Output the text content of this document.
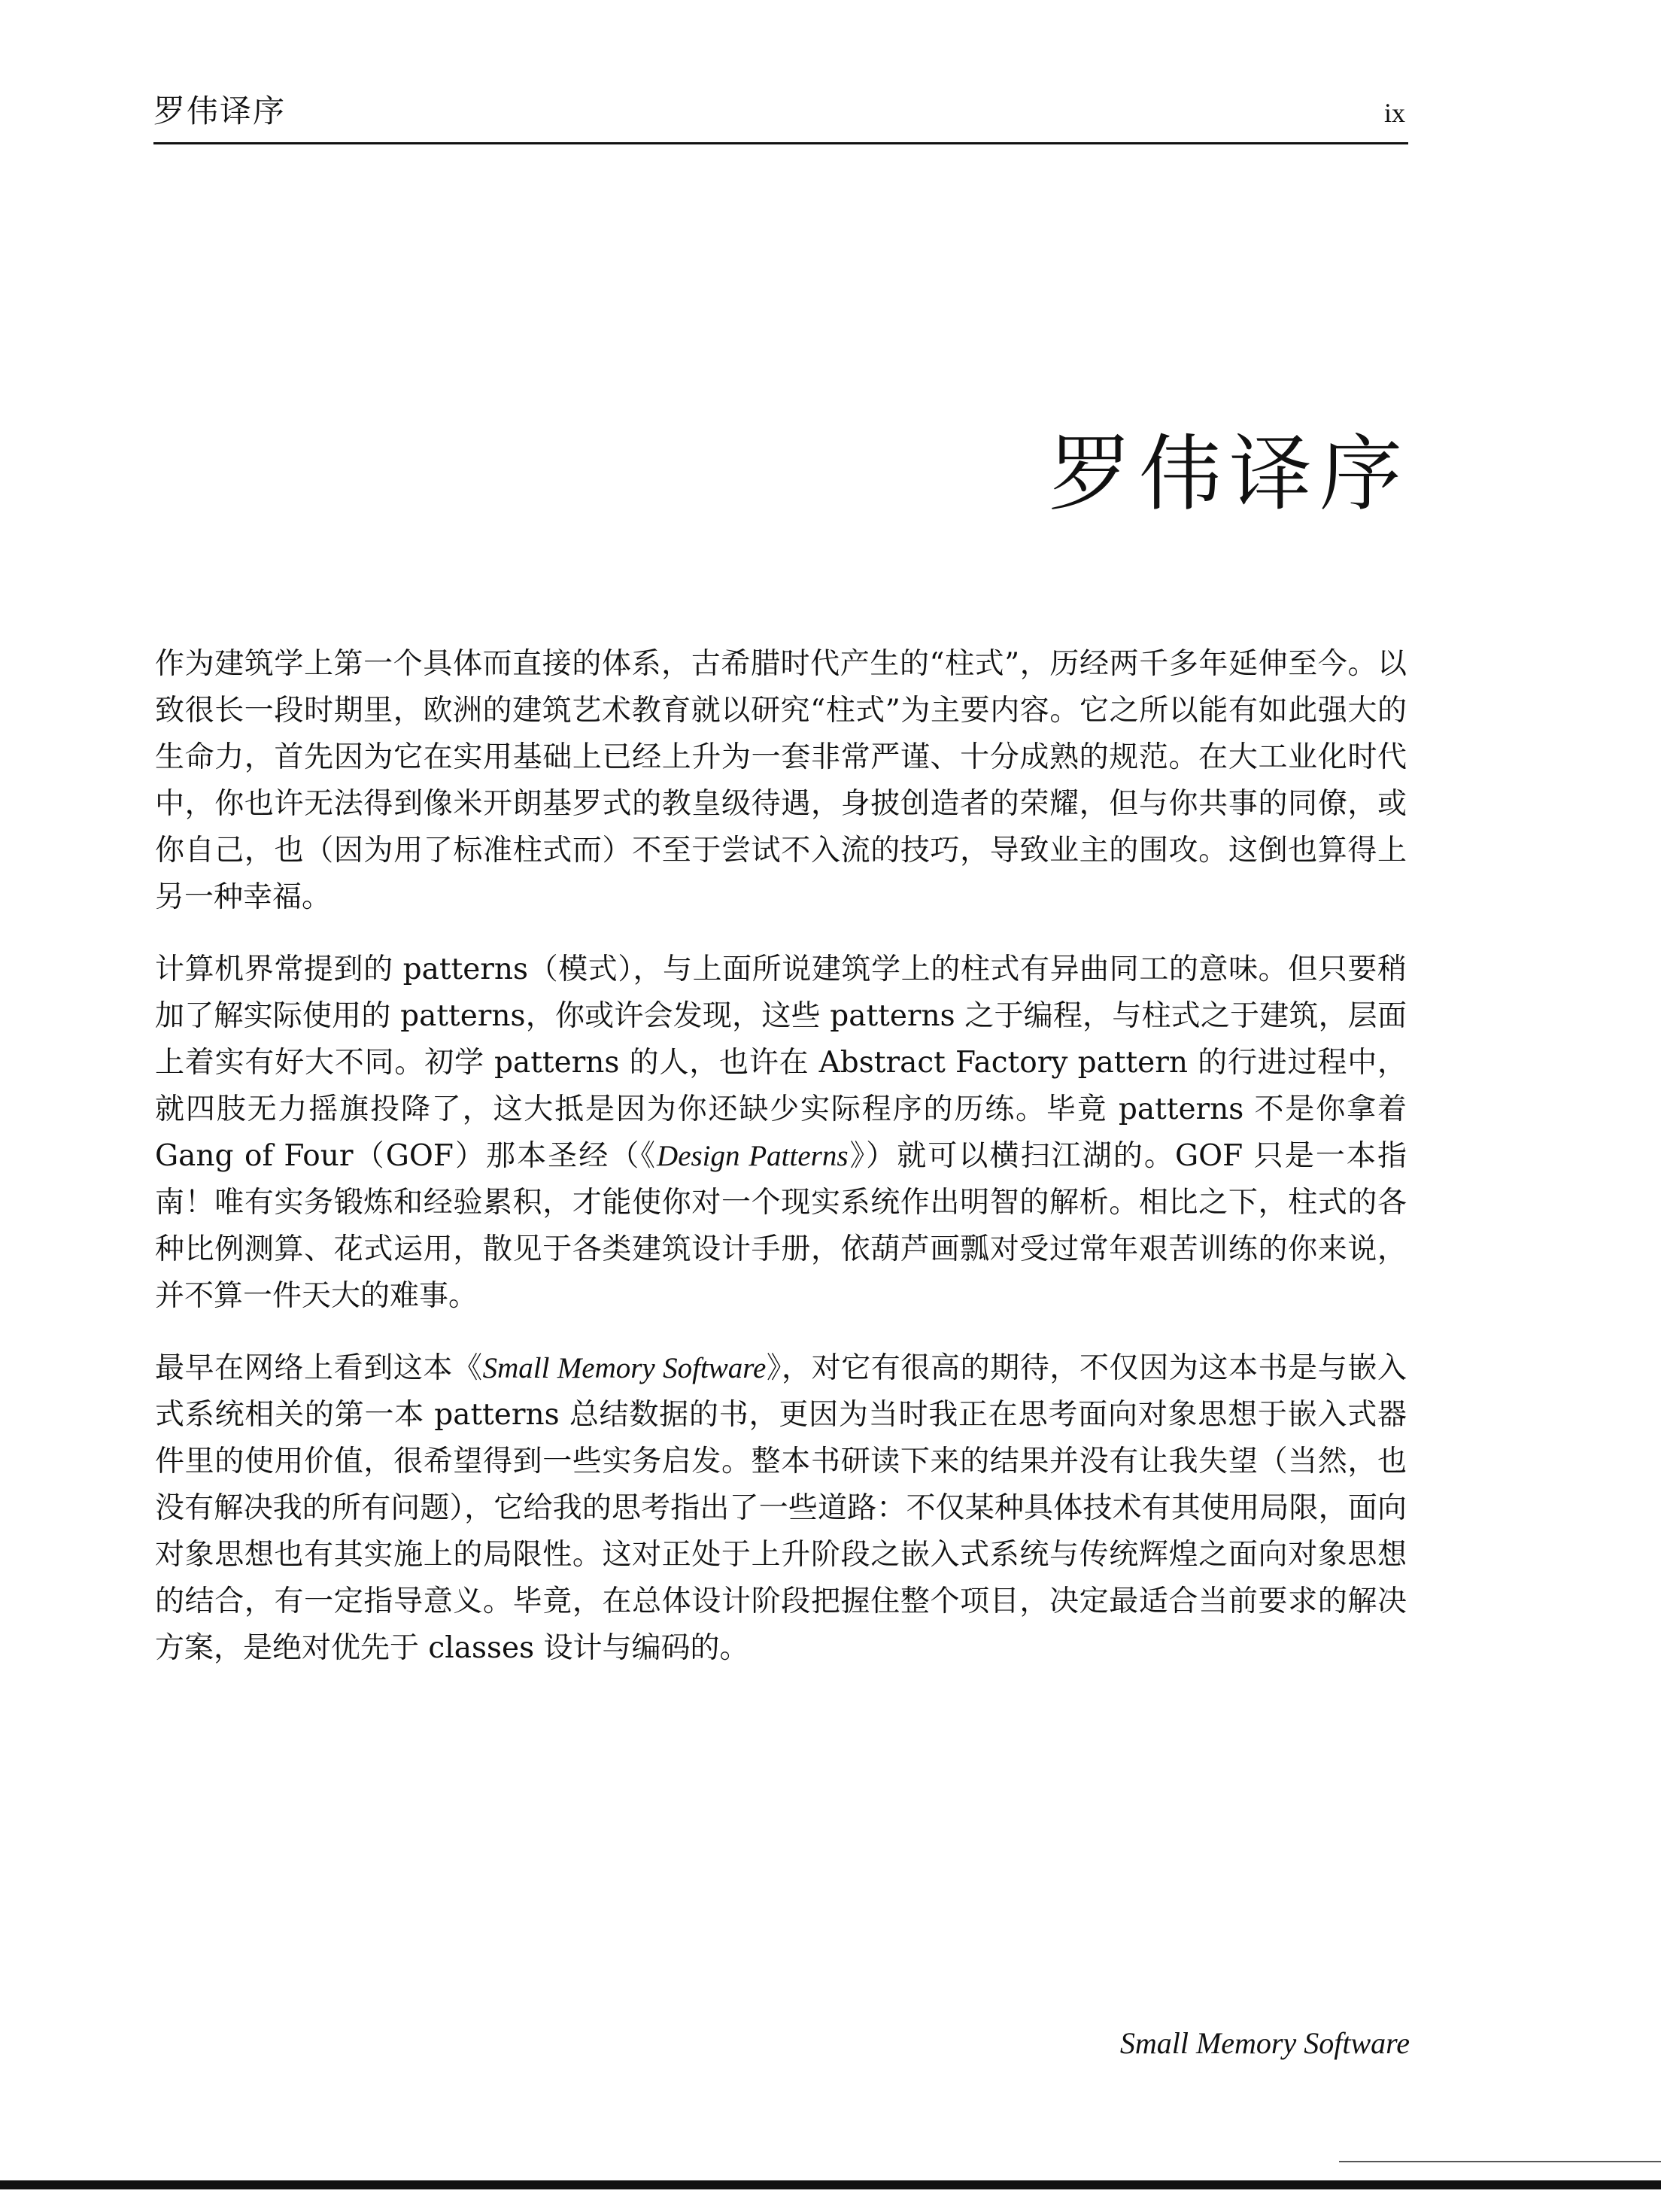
罗伟译序	ix
罗伟译序

作为建筑学上第一个具体而直接的体系，古希腊时代产生的“柱式”，历经两千多年延伸至今。以致很长一段时期里，欧洲的建筑艺术教育就以研究“柱式”为主要内容。它之所以能有如此强大的生命力，首先因为它在实用基础上已经上升为一套非常严谨、十分成熟的规范。在大工业化时代中，你也许无法得到像米开朗基罗式的教皇级待遇，身披创造者的荣耀，但与你共事的同僚，或你自己，也（因为用了标准柱式而）不至于尝试不入流的技巧，导致业主的围攻。这倒也算得上另一种幸福。

计算机界常提到的 patterns（模式），与上面所说建筑学上的柱式有异曲同工的意味。但只要稍加了解实际使用的 patterns，你或许会发现，这些 patterns 之于编程，与柱式之于建筑，层面上着实有好大不同。初学 patterns 的人，也许在 Abstract Factory pattern 的行进过程中，就四肢无力摇旗投降了，这大抵是因为你还缺少实际程序的历练。毕竟 patterns 不是你拿着 Gang of Four（GOF）那本圣经（《Design Patterns》）就可以横扫江湖的。GOF 只是一本指南！唯有实务锻炼和经验累积，才能使你对一个现实系统作出明智的解析。相比之下，柱式的各种比例测算、花式运用，散见于各类建筑设计手册，依葫芦画瓢对受过常年艰苦训练的你来说，并不算一件天大的难事。

最早在网络上看到这本《Small Memory Software》，对它有很高的期待，不仅因为这本书是与嵌入式系统相关的第一本 patterns 总结数据的书，更因为当时我正在思考面向对象思想于嵌入式器件里的使用价值，很希望得到一些实务启发。整本书研读下来的结果并没有让我失望（当然，也没有解决我的所有问题），它给我的思考指出了一些道路：不仅某种具体技术有其使用局限，面向对象思想也有其实施上的局限性。这对正处于上升阶段之嵌入式系统与传统辉煌之面向对象思想的结合，有一定指导意义。毕竟，在总体设计阶段把握住整个项目，决定最适合当前要求的解决方案，是绝对优先于 classes 设计与编码的。

Small Memory Software
